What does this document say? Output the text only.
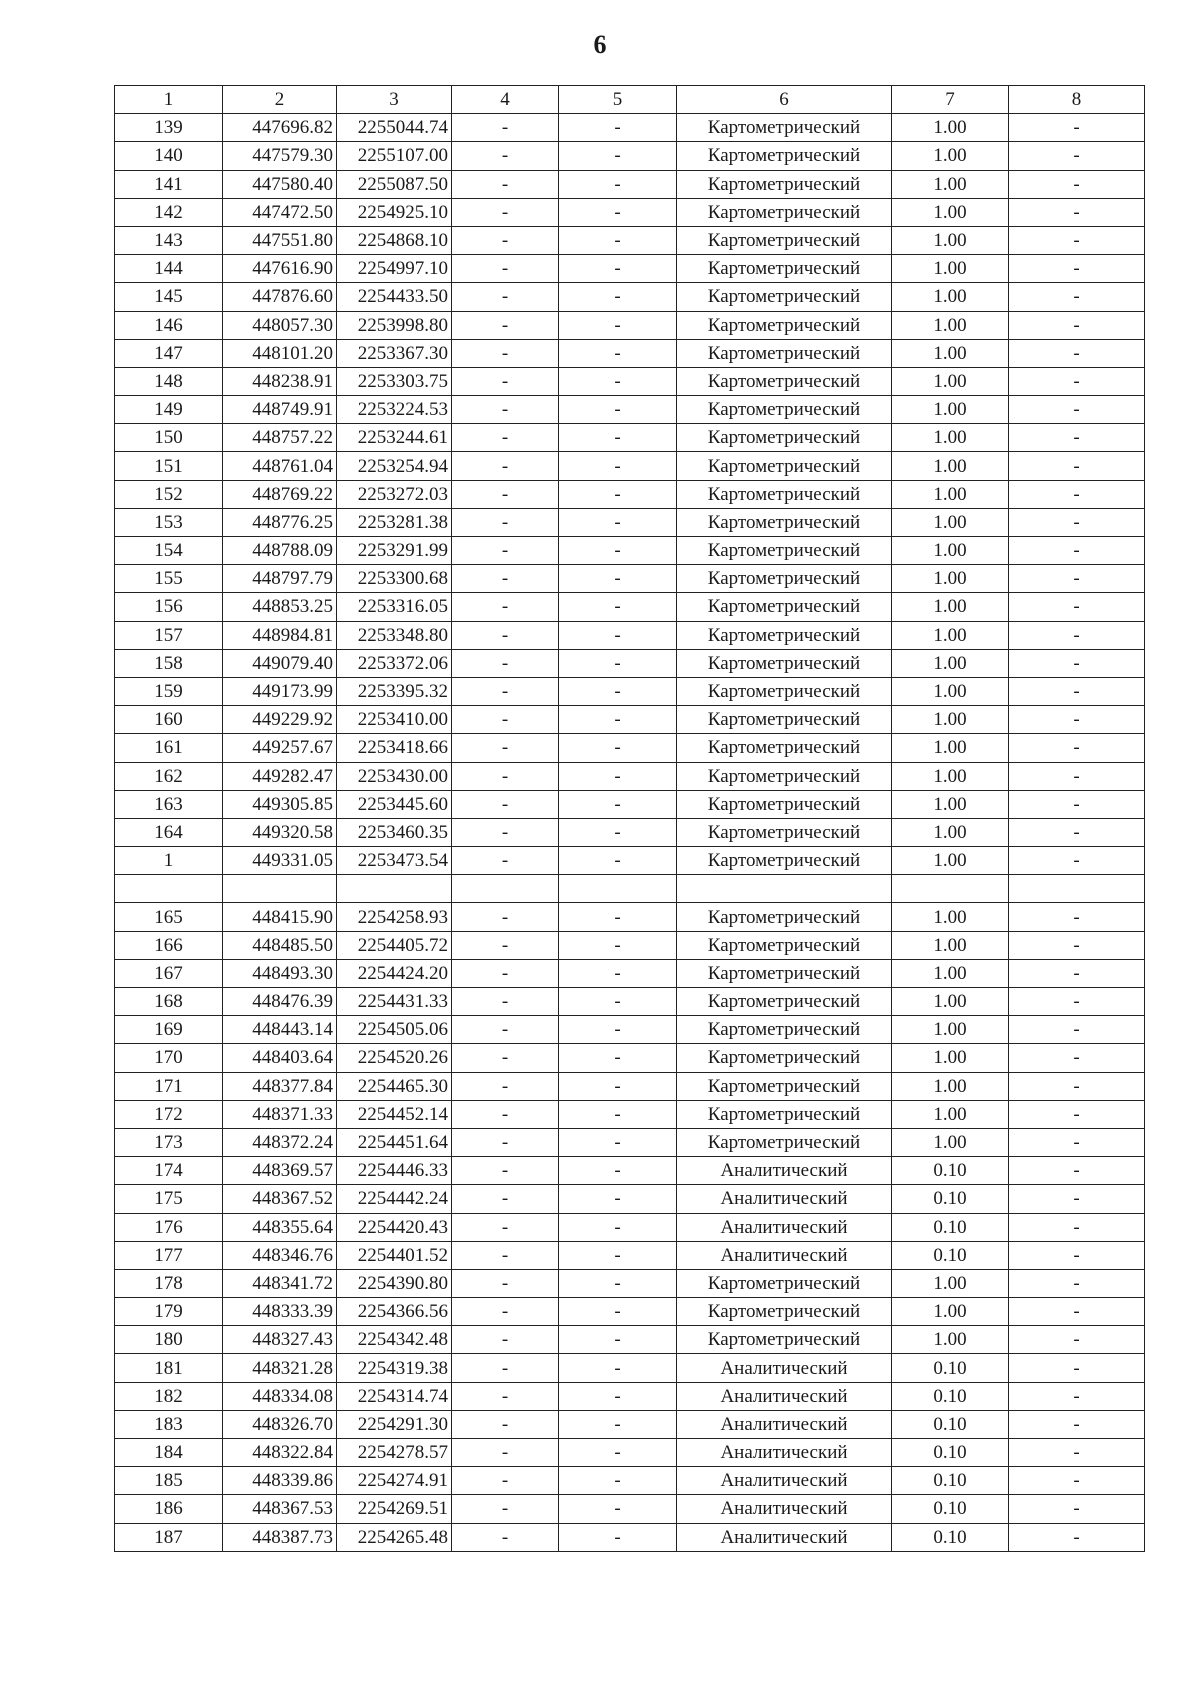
6
1	2	3	4	5	6	7	8
139	447696.82	2255044.74	-	-	Картометрический	1.00	-
140	447579.30	2255107.00	-	-	Картометрический	1.00	-
141	447580.40	2255087.50	-	-	Картометрический	1.00	-
142	447472.50	2254925.10	-	-	Картометрический	1.00	-
143	447551.80	2254868.10	-	-	Картометрический	1.00	-
144	447616.90	2254997.10	-	-	Картометрический	1.00	-
145	447876.60	2254433.50	-	-	Картометрический	1.00	-
146	448057.30	2253998.80	-	-	Картометрический	1.00	-
147	448101.20	2253367.30	-	-	Картометрический	1.00	-
148	448238.91	2253303.75	-	-	Картометрический	1.00	-
149	448749.91	2253224.53	-	-	Картометрический	1.00	-
150	448757.22	2253244.61	-	-	Картометрический	1.00	-
151	448761.04	2253254.94	-	-	Картометрический	1.00	-
152	448769.22	2253272.03	-	-	Картометрический	1.00	-
153	448776.25	2253281.38	-	-	Картометрический	1.00	-
154	448788.09	2253291.99	-	-	Картометрический	1.00	-
155	448797.79	2253300.68	-	-	Картометрический	1.00	-
156	448853.25	2253316.05	-	-	Картометрический	1.00	-
157	448984.81	2253348.80	-	-	Картометрический	1.00	-
158	449079.40	2253372.06	-	-	Картометрический	1.00	-
159	449173.99	2253395.32	-	-	Картометрический	1.00	-
160	449229.92	2253410.00	-	-	Картометрический	1.00	-
161	449257.67	2253418.66	-	-	Картометрический	1.00	-
162	449282.47	2253430.00	-	-	Картометрический	1.00	-
163	449305.85	2253445.60	-	-	Картометрический	1.00	-
164	449320.58	2253460.35	-	-	Картометрический	1.00	-
1	449331.05	2253473.54	-	-	Картометрический	1.00	-

165	448415.90	2254258.93	-	-	Картометрический	1.00	-
166	448485.50	2254405.72	-	-	Картометрический	1.00	-
167	448493.30	2254424.20	-	-	Картометрический	1.00	-
168	448476.39	2254431.33	-	-	Картометрический	1.00	-
169	448443.14	2254505.06	-	-	Картометрический	1.00	-
170	448403.64	2254520.26	-	-	Картометрический	1.00	-
171	448377.84	2254465.30	-	-	Картометрический	1.00	-
172	448371.33	2254452.14	-	-	Картометрический	1.00	-
173	448372.24	2254451.64	-	-	Картометрический	1.00	-
174	448369.57	2254446.33	-	-	Аналитический	0.10	-
175	448367.52	2254442.24	-	-	Аналитический	0.10	-
176	448355.64	2254420.43	-	-	Аналитический	0.10	-
177	448346.76	2254401.52	-	-	Аналитический	0.10	-
178	448341.72	2254390.80	-	-	Картометрический	1.00	-
179	448333.39	2254366.56	-	-	Картометрический	1.00	-
180	448327.43	2254342.48	-	-	Картометрический	1.00	-
181	448321.28	2254319.38	-	-	Аналитический	0.10	-
182	448334.08	2254314.74	-	-	Аналитический	0.10	-
183	448326.70	2254291.30	-	-	Аналитический	0.10	-
184	448322.84	2254278.57	-	-	Аналитический	0.10	-
185	448339.86	2254274.91	-	-	Аналитический	0.10	-
186	448367.53	2254269.51	-	-	Аналитический	0.10	-
187	448387.73	2254265.48	-	-	Аналитический	0.10	-
